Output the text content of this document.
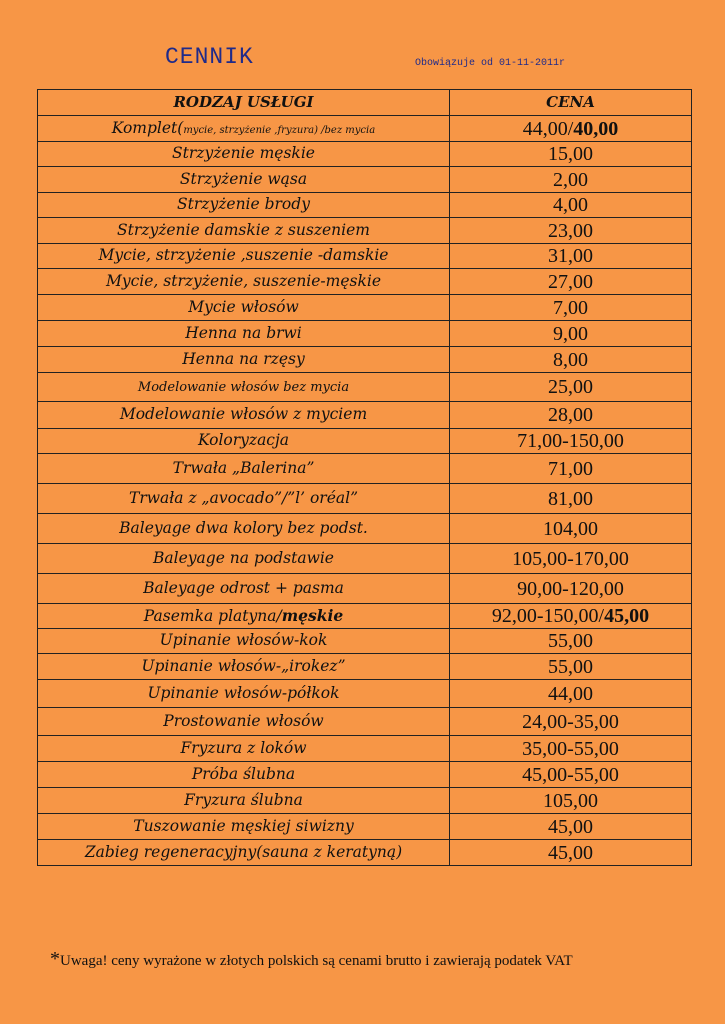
CENNIK	Obowiązuje od 01-11-2011r
RODZAJ USŁUGI	CENA
Komplet(mycie, strzyżenie ,fryzura) /bez mycia	44,00/40,00
Strzyżenie męskie	15,00
Strzyżenie wąsa	2,00
Strzyżenie brody	4,00
Strzyżenie damskie z suszeniem	23,00
Mycie, strzyżenie ,suszenie -damskie	31,00
Mycie, strzyżenie, suszenie-męskie	27,00
Mycie włosów	7,00
Henna na brwi	9,00
Henna na rzęsy	8,00
Modelowanie włosów bez mycia	25,00
Modelowanie włosów z myciem	28,00
Koloryzacja	71,00-150,00
Trwała „Balerina”	71,00
Trwała z „avocado”/”l’ oréal”	81,00
Baleyage dwa kolory bez podst.	104,00
Baleyage na podstawie	105,00-170,00
Baleyage odrost + pasma	90,00-120,00
Pasemka platyna/męskie	92,00-150,00/45,00
Upinanie włosów-kok	55,00
Upinanie włosów-„irokez”	55,00
Upinanie włosów-półkok	44,00
Prostowanie włosów	24,00-35,00
Fryzura z loków	35,00-55,00
Próba ślubna	45,00-55,00
Fryzura ślubna	105,00
Tuszowanie męskiej siwizny	45,00
Zabieg regeneracyjny(sauna z keratyną)	45,00
*Uwaga! ceny wyrażone w złotych polskich są cenami brutto i zawierają podatek VAT
